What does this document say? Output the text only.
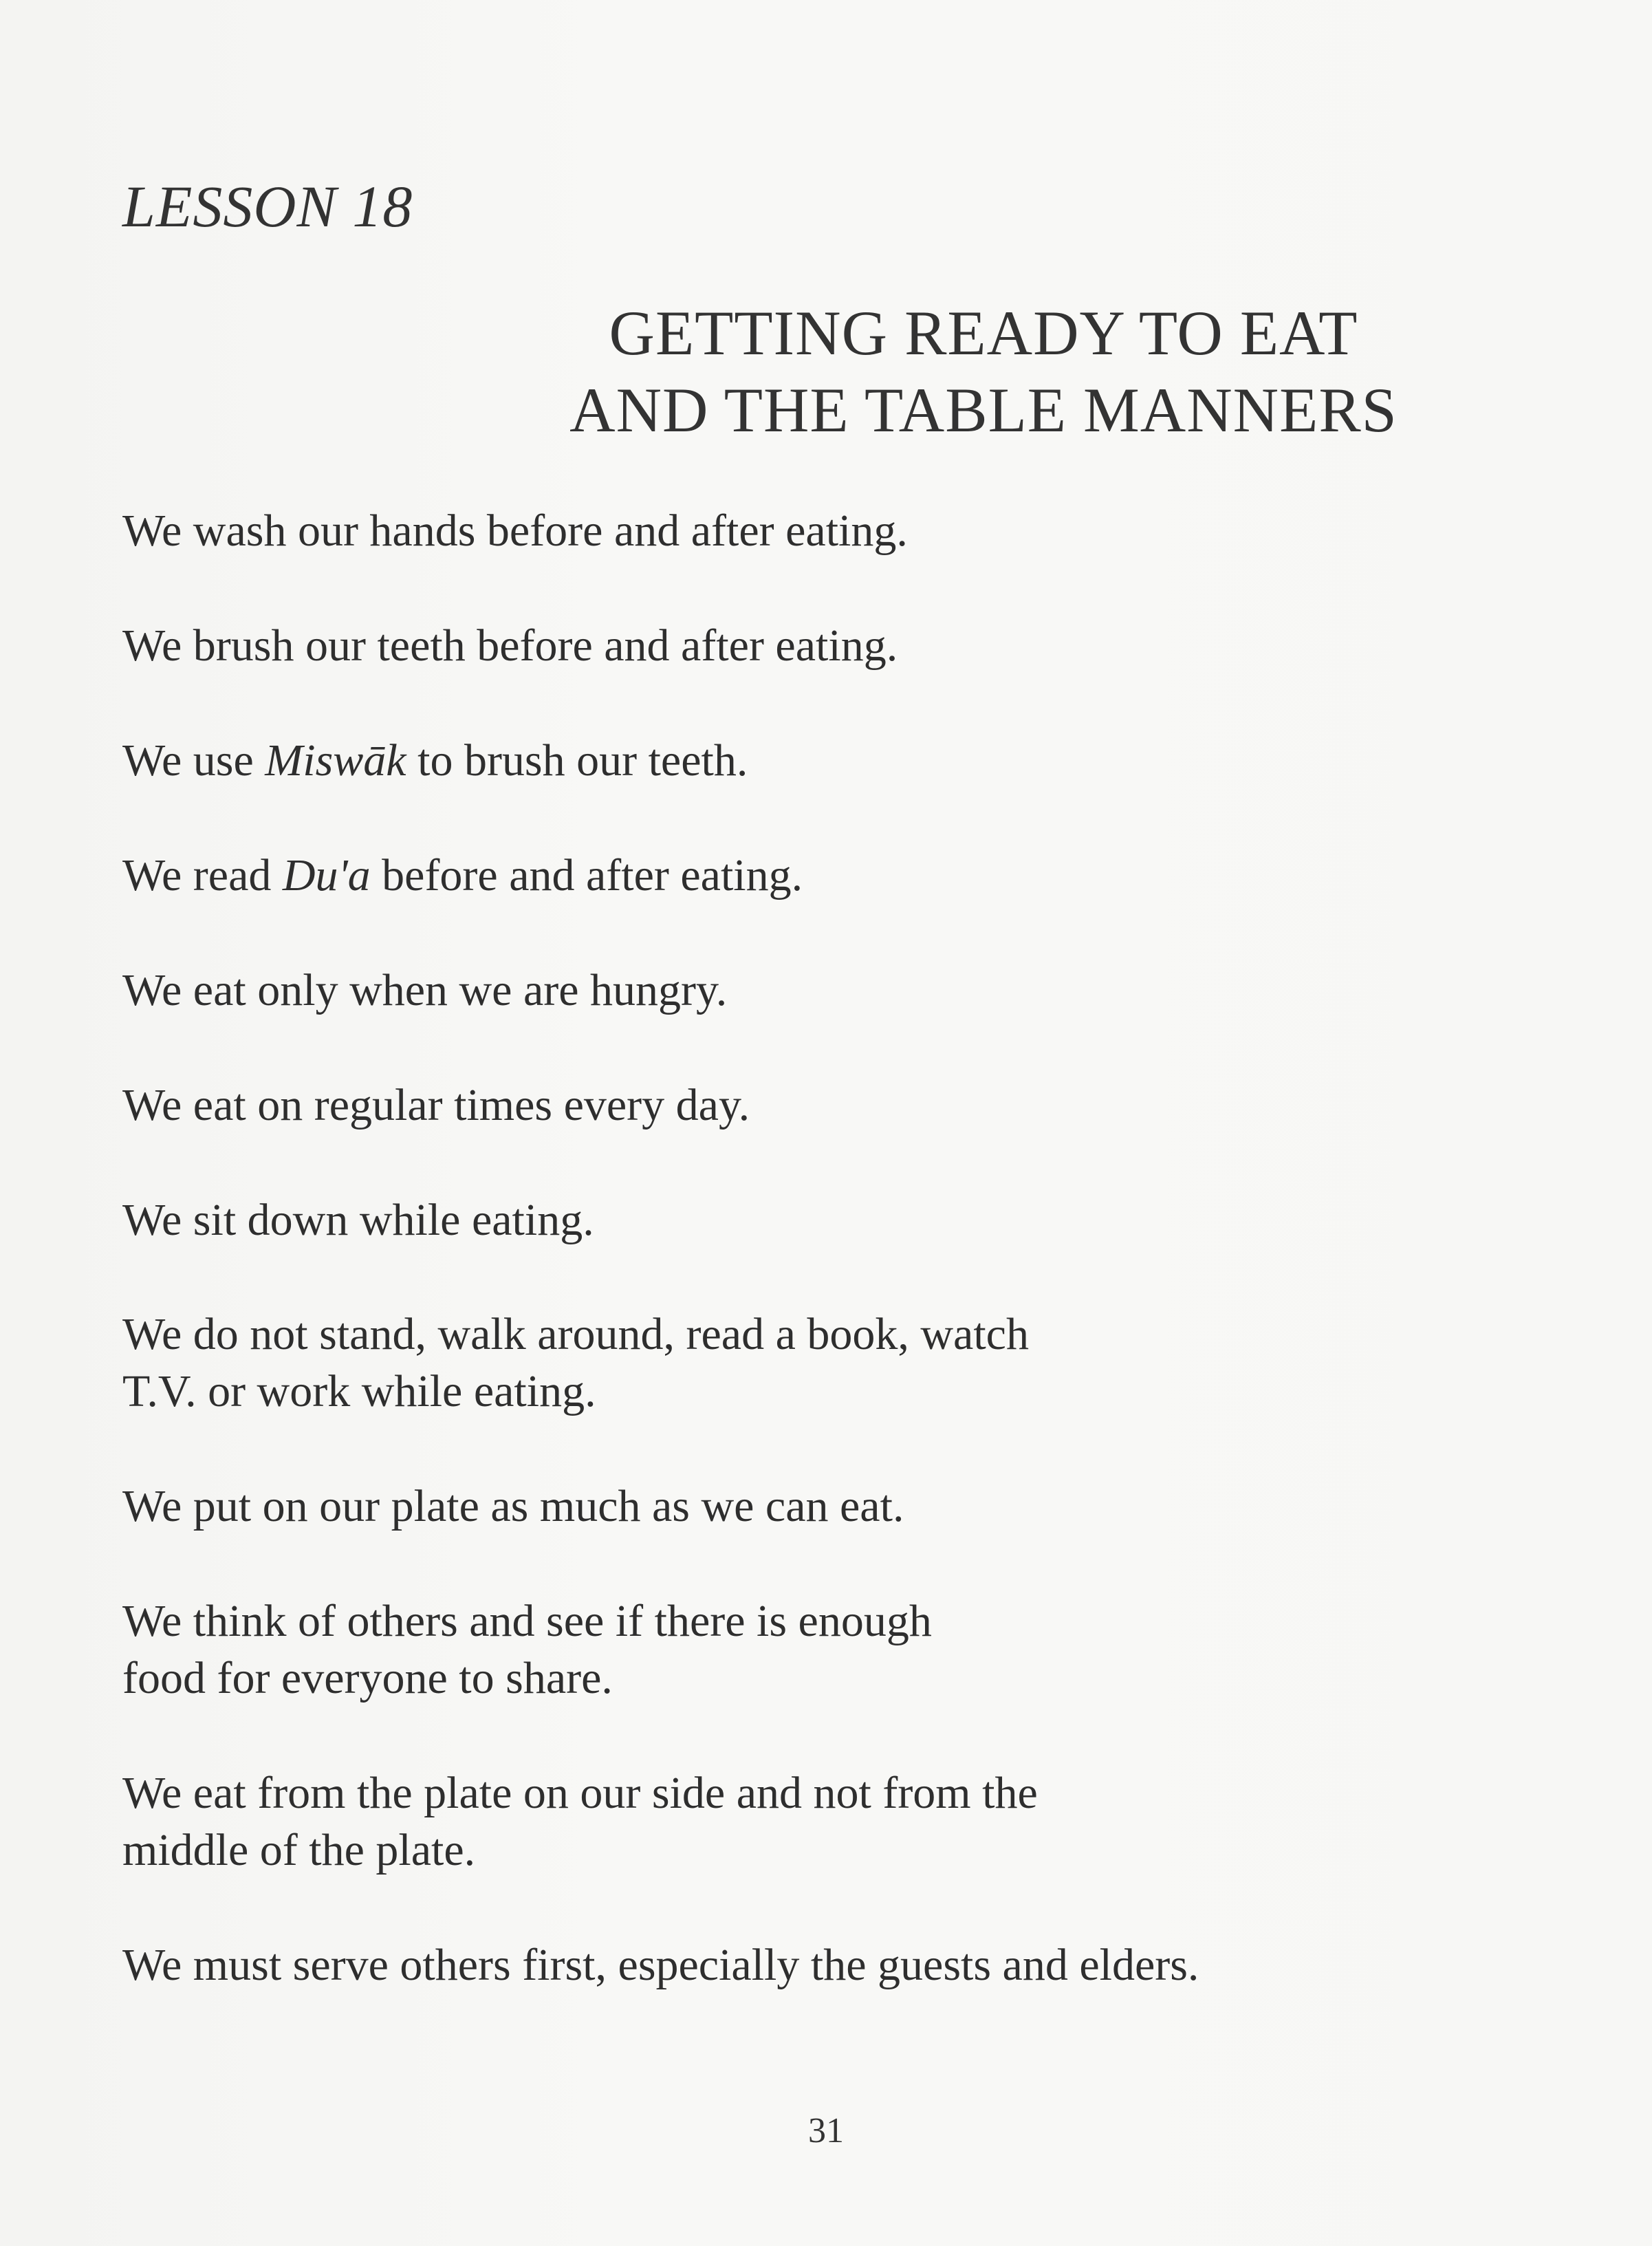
LESSON 18
GETTING READY TO EAT
AND THE TABLE MANNERS
We wash our hands before and after eating.
We brush our teeth before and after eating.
We use Miswāk to brush our teeth.
We read Du'a before and after eating.
We eat only when we are hungry.
We eat on regular times every day.
We sit down while eating.
We do not stand, walk around, read a book, watch
T.V. or work while eating.
We put on our plate as much as we can eat.
We think of others and see if there is enough
food for everyone to share.
We eat from the plate on our side and not from the
middle of the plate.
We must serve others first, especially the guests and elders.
31
